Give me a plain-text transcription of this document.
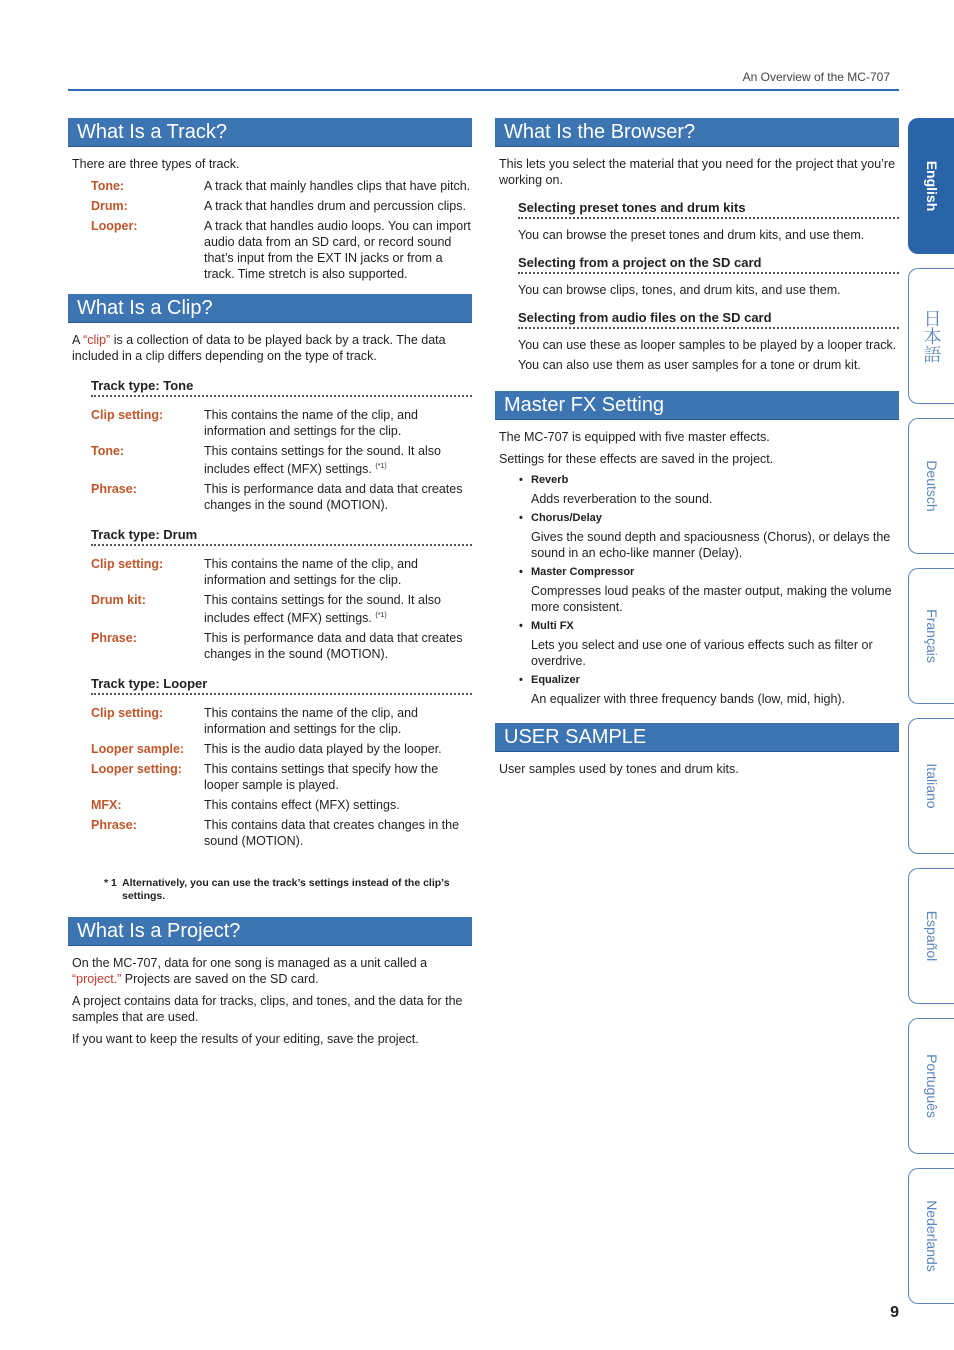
An Overview of the MC-707
What Is a Track?

There are three types of track.

Tone:	A track that mainly handles clips that have pitch.
Drum:	A track that handles drum and percussion clips.
Looper:	A track that handles audio loops. You can import audio data from an SD card, or record sound that’s input from the EXT IN jacks or from a track. Time stretch is also supported.
What Is a Clip?

A “clip” is a collection of data to be played back by a track. The data included in a clip differs depending on the type of track.

Track type: Tone
Clip setting:	This contains the name of the clip, and information and settings for the clip.
Tone:	This contains settings for the sound. It also includes effect (MFX) settings. $^{(*1)}$
Phrase:	This is performance data and data that creates changes in the sound (MOTION).
Track type: Drum
Clip setting:	This contains the name of the clip, and information and settings for the clip.
Drum kit:	This contains settings for the sound. It also includes effect (MFX) settings. $^{(*1)}$
Phrase:	This is performance data and data that creates changes in the sound (MOTION).
Track type: Looper
Clip setting:	This contains the name of the clip, and information and settings for the clip.
Looper sample:	This is the audio data played by the looper.
Looper setting:	This contains settings that specify how the looper sample is played.
MFX:	This contains effect (MFX) settings.
Phrase:	This contains data that creates changes in the sound (MOTION).
* 1 Alternatively, you can use the track’s settings instead of the clip’s settings.
What Is a Project?

On the MC-707, data for one song is managed as a unit called a “project.” Projects are saved on the SD card.

A project contains data for tracks, clips, and tones, and the data for the samples that are used.

If you want to keep the results of your editing, save the project.

What Is the Browser?

This lets you select the material that you need for the project that you’re working on.

Selecting preset tones and drum kits

You can browse the preset tones and drum kits, and use them.

Selecting from a project on the SD card

You can browse clips, tones, and drum kits, and use them.

Selecting from audio files on the SD card

You can use these as looper samples to be played by a looper track.

You can also use them as user samples for a tone or drum kit.

Master FX Setting

The MC-707 is equipped with five master effects.

Settings for these effects are saved in the project.

• Reverb

Adds reverberation to the sound.

• Chorus/Delay

Gives the sound depth and spaciousness (Chorus), or delays the sound in an echo-like manner (Delay).

• Master Compressor

Compresses loud peaks of the master output, making the volume more consistent.

• Multi FX

Lets you select and use one of various effects such as filter or overdrive.

• Equalizer

An equalizer with three frequency bands (low, mid, high).

USER SAMPLE

User samples used by tones and drum kits.

English
日本語
Deutsch
Français
Italiano
Español
Português
Nederlands
9
